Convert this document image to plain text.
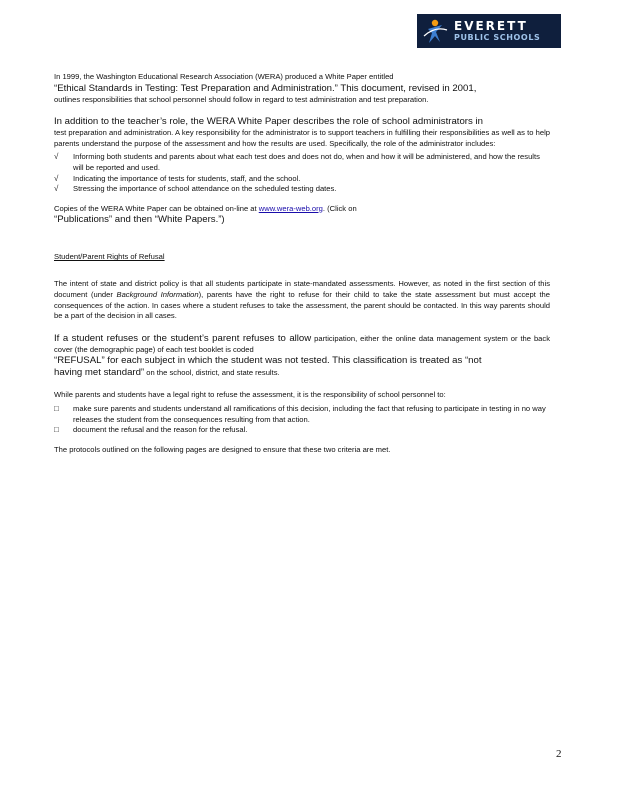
EVERETT
PUBLIC SCHOOLS

In 1999, the Washington Educational Research Association (WERA) produced a White Paper entitled

“Ethical Standards in Testing: Test Preparation and Administration.” This document, revised in 2001,

outlines responsibilities that school personnel should follow in regard to test administration and test preparation.

In addition to the teacher’s role, the WERA White Paper describes the role of school administrators in

test preparation and administration. A key responsibility for the administrator is to support teachers in fulfilling their responsibilities as well as to help parents understand the purpose of the assessment and how the results are used. Specifically, the role of the administrator includes:

√ Informing both students and parents about what each test does and does not do, when and how it will be administered, and how the results will be reported and used.
√ Indicating the importance of tests for students, staff, and the school.
√ Stressing the importance of school attendance on the scheduled testing dates.

Copies of the WERA White Paper can be obtained on-line at www.wera-web.org. (Click on

“Publications” and then “White Papers.”)

Student/Parent Rights of Refusal

The intent of state and district policy is that all students participate in state-mandated assessments. However, as noted in the first section of this document (under Background Information), parents have the right to refuse for their child to take the state assessment but must accept the consequences of the action. In cases where a student refuses to take the assessment, the parent should be contacted. In this way parents should be a part of the decision in all cases.

If a student refuses or the student’s parent refuses to allow participation, either the online data management system or the back cover (the demographic page) of each test booklet is coded

“REFUSAL” for each subject in which the student was not tested. This classification is treated as “not

having met standard” on the school, district, and state results.

While parents and students have a legal right to refuse the assessment, it is the responsibility of school personnel to:

□ make sure parents and students understand all ramifications of this decision, including the fact that refusing to participate in testing in no way releases the student from the consequences resulting from that action.
□ document the refusal and the reason for the refusal.

The protocols outlined on the following pages are designed to ensure that these two criteria are met.

2
